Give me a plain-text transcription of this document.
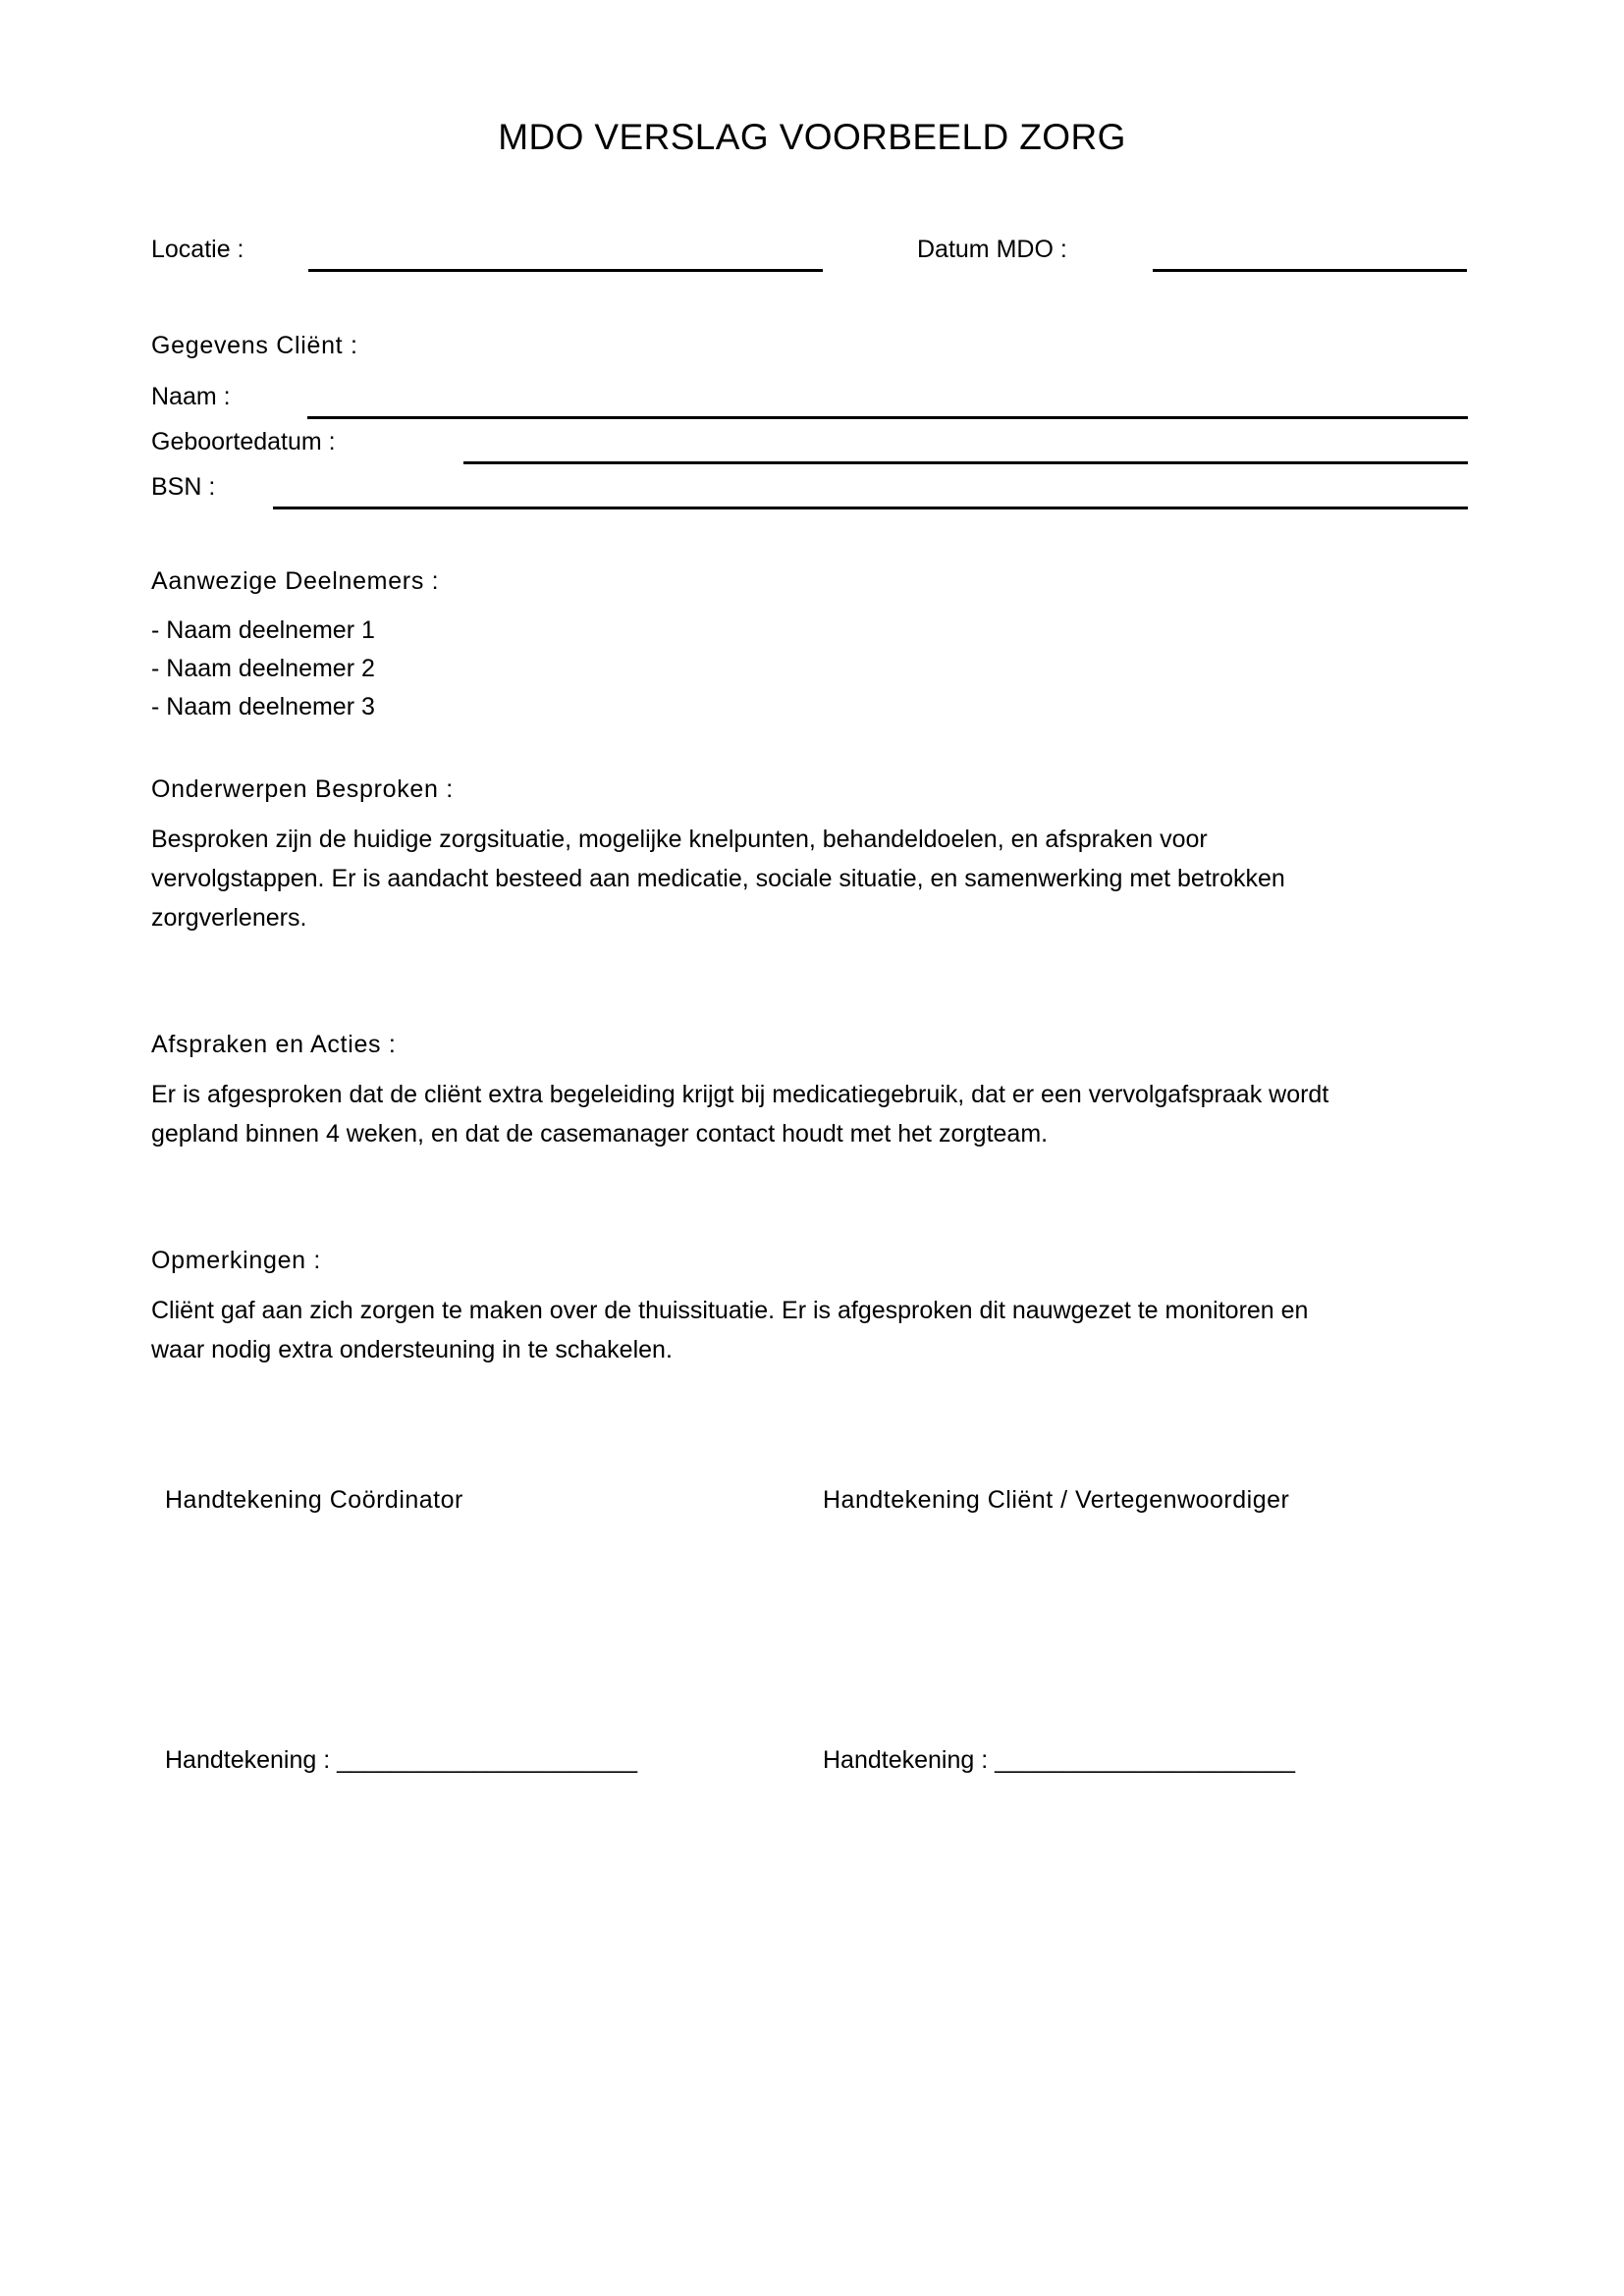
MDO VERSLAG VOORBEELD ZORG
Locatie :	Datum MDO :
Gegevens Cliënt :
Naam :
Geboortedatum :
BSN :
Aanwezige Deelnemers :
- Naam deelnemer 1
- Naam deelnemer 2
- Naam deelnemer 3
Onderwerpen Besproken :
Besproken zijn de huidige zorgsituatie, mogelijke knelpunten, behandeldoelen, en afspraken voor
vervolgstappen. Er is aandacht besteed aan medicatie, sociale situatie, en samenwerking met betrokken
zorgverleners.
Afspraken en Acties :
Er is afgesproken dat de cliënt extra begeleiding krijgt bij medicatiegebruik, dat er een vervolgafspraak wordt
gepland binnen 4 weken, en dat de casemanager contact houdt met het zorgteam.
Opmerkingen :
Cliënt gaf aan zich zorgen te maken over de thuissituatie. Er is afgesproken dit nauwgezet te monitoren en
waar nodig extra ondersteuning in te schakelen.
Handtekening Coördinator	Handtekening Cliënt / Vertegenwoordiger
Handtekening : ______________________	Handtekening : ______________________
